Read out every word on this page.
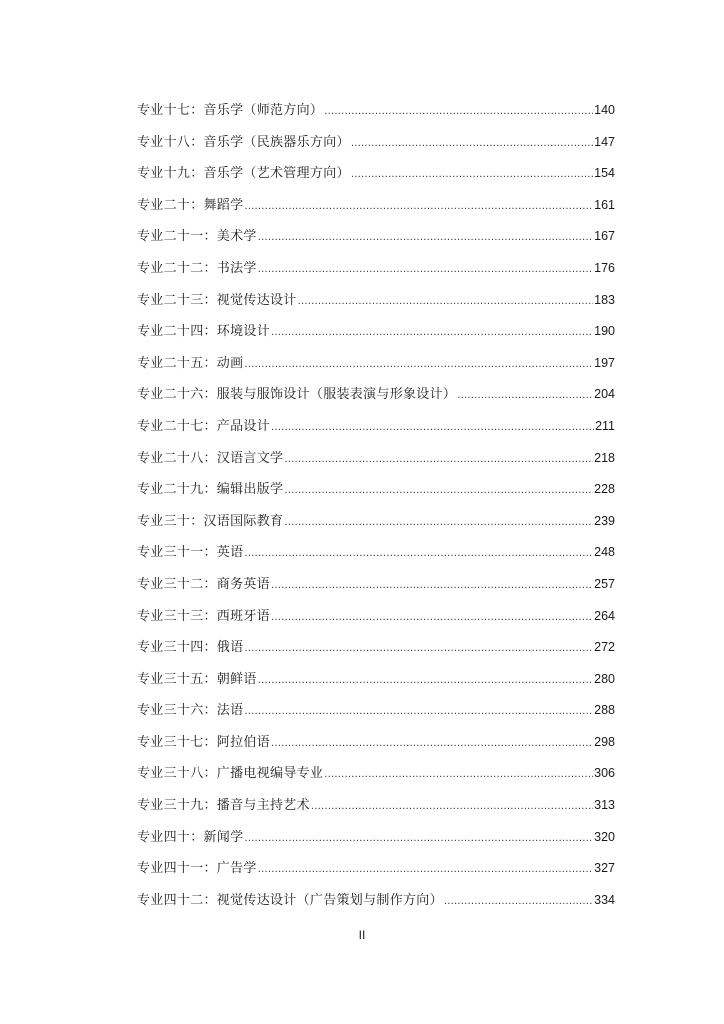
专业十七：音乐学（师范方向） .....	140
专业十八：音乐学（民族器乐方向） .....	147
专业十九：音乐学（艺术管理方向） .....	154
专业二十：舞蹈学 .....	161
专业二十一：美术学 .....	167
专业二十二：书法学 .....	176
专业二十三：视觉传达设计 .....	183
专业二十四：环境设计 .....	190
专业二十五：动画 .....	197
专业二十六：服装与服饰设计（服装表演与形象设计） .....	204
专业二十七：产品设计 .....	211
专业二十八：汉语言文学 .....	218
专业二十九：编辑出版学 .....	228
专业三十：汉语国际教育 .....	239
专业三十一：英语 .....	248
专业三十二：商务英语 .....	257
专业三十三：西班牙语 .....	264
专业三十四：俄语 .....	272
专业三十五：朝鲜语 .....	280
专业三十六：法语 .....	288
专业三十七：阿拉伯语 .....	298
专业三十八：广播电视编导专业 .....	306
专业三十九：播音与主持艺术 .....	313
专业四十：新闻学 .....	320
专业四十一：广告学 .....	327
专业四十二：视觉传达设计（广告策划与制作方向） .....	334
II
